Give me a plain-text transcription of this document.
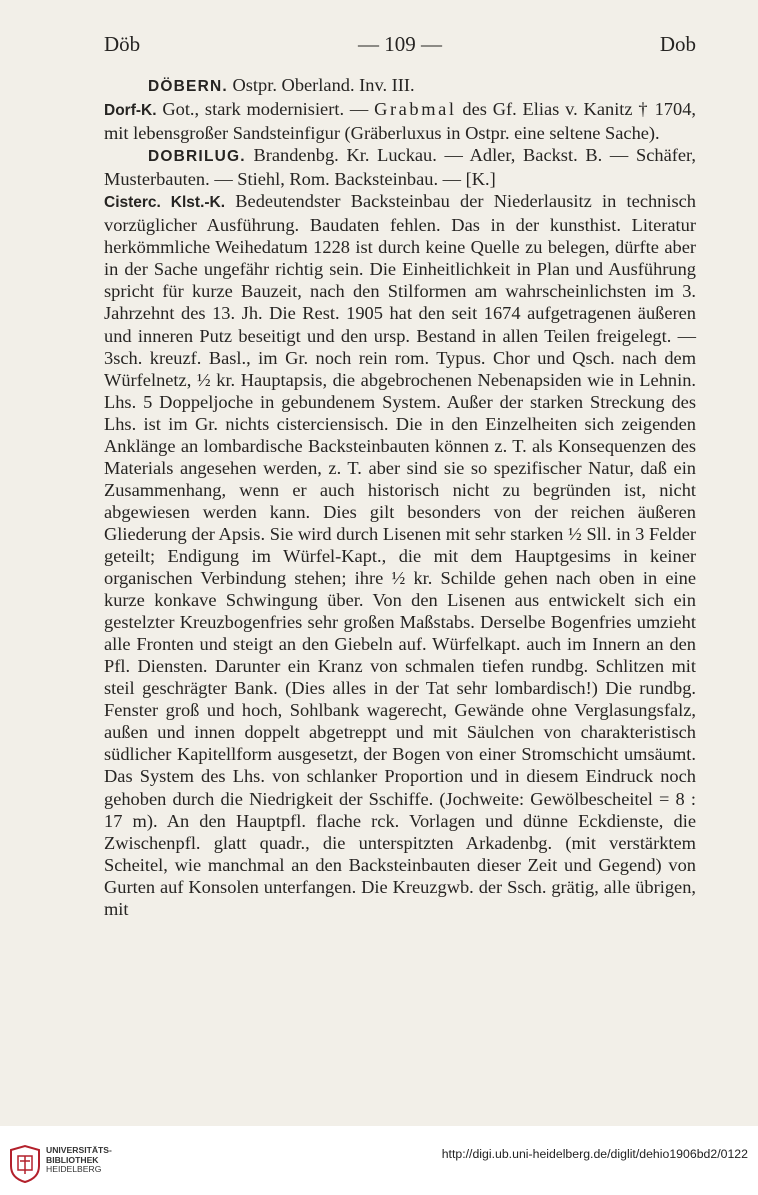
Döb	— 109 —	Dob

DÖBERN. Ostpr. Oberland. Inv. III.

Dorf-K. Got., stark modernisiert. — Grabmal des Gf. Elias v. Kanitz † 1704, mit lebensgroßer Sandsteinfigur (Gräberluxus in Ostpr. eine seltene Sache).

DOBRILUG. Brandenbg. Kr. Luckau. — Adler, Backst. B. — Schäfer, Musterbauten. — Stiehl, Rom. Backsteinbau. — [K.]

Cisterc. Klst.-K. Bedeutendster Backsteinbau der Niederlausitz in technisch vorzüglicher Ausführung. Baudaten fehlen. Das in der kunsthist. Literatur herkömmliche Weihedatum 1228 ist durch keine Quelle zu belegen, dürfte aber in der Sache ungefähr richtig sein. Die Einheitlichkeit in Plan und Ausführung spricht für kurze Bauzeit, nach den Stilformen am wahrscheinlichsten im 3. Jahrzehnt des 13. Jh. Die Rest. 1905 hat den seit 1674 aufgetragenen äußeren und inneren Putz beseitigt und den ursp. Bestand in allen Teilen freigelegt. — 3sch. kreuzf. Basl., im Gr. noch rein rom. Typus. Chor und Qsch. nach dem Würfelnetz, ½ kr. Hauptapsis, die abgebrochenen Nebenapsiden wie in Lehnin. Lhs. 5 Doppeljoche in gebundenem System. Außer der starken Streckung des Lhs. ist im Gr. nichts cisterciensisch. Die in den Einzelheiten sich zeigenden Anklänge an lombardische Backsteinbauten können z. T. als Konsequenzen des Materials angesehen werden, z. T. aber sind sie so spezifischer Natur, daß ein Zusammenhang, wenn er auch historisch nicht zu begründen ist, nicht abgewiesen werden kann. Dies gilt besonders von der reichen äußeren Gliederung der Apsis. Sie wird durch Lisenen mit sehr starken ½ Sll. in 3 Felder geteilt; Endigung im Würfel-Kapt., die mit dem Hauptgesims in keiner organischen Verbindung stehen; ihre ½ kr. Schilde gehen nach oben in eine kurze konkave Schwingung über. Von den Lisenen aus entwickelt sich ein gestelzter Kreuzbogenfries sehr großen Maßstabs. Derselbe Bogenfries umzieht alle Fronten und steigt an den Giebeln auf. Würfelkapt. auch im Innern an den Pfl. Diensten. Darunter ein Kranz von schmalen tiefen rundbg. Schlitzen mit steil geschrägter Bank. (Dies alles in der Tat sehr lombardisch!) Die rundbg. Fenster groß und hoch, Sohlbank wagerecht, Gewände ohne Verglasungsfalz, außen und innen doppelt abgetreppt und mit Säulchen von charakteristisch südlicher Kapitellform ausgesetzt, der Bogen von einer Stromschicht umsäumt. Das System des Lhs. von schlanker Proportion und in diesem Eindruck noch gehoben durch die Niedrigkeit der Sschiffe. (Jochweite: Gewölbescheitel = 8 : 17 m). An den Hauptpfl. flache rck. Vorlagen und dünne Eckdienste, die Zwischenpfl. glatt quadr., die unterspitzten Arkadenbg. (mit verstärktem Scheitel, wie manchmal an den Backsteinbauten dieser Zeit und Gegend) von Gurten auf Konsolen unterfangen. Die Kreuzgwb. der Ssch. grätig, alle übrigen, mit

UNIVERSITÄTS-
BIBLIOTHEK
HEIDELBERG
http://digi.ub.uni-heidelberg.de/diglit/dehio1906bd2/0122
